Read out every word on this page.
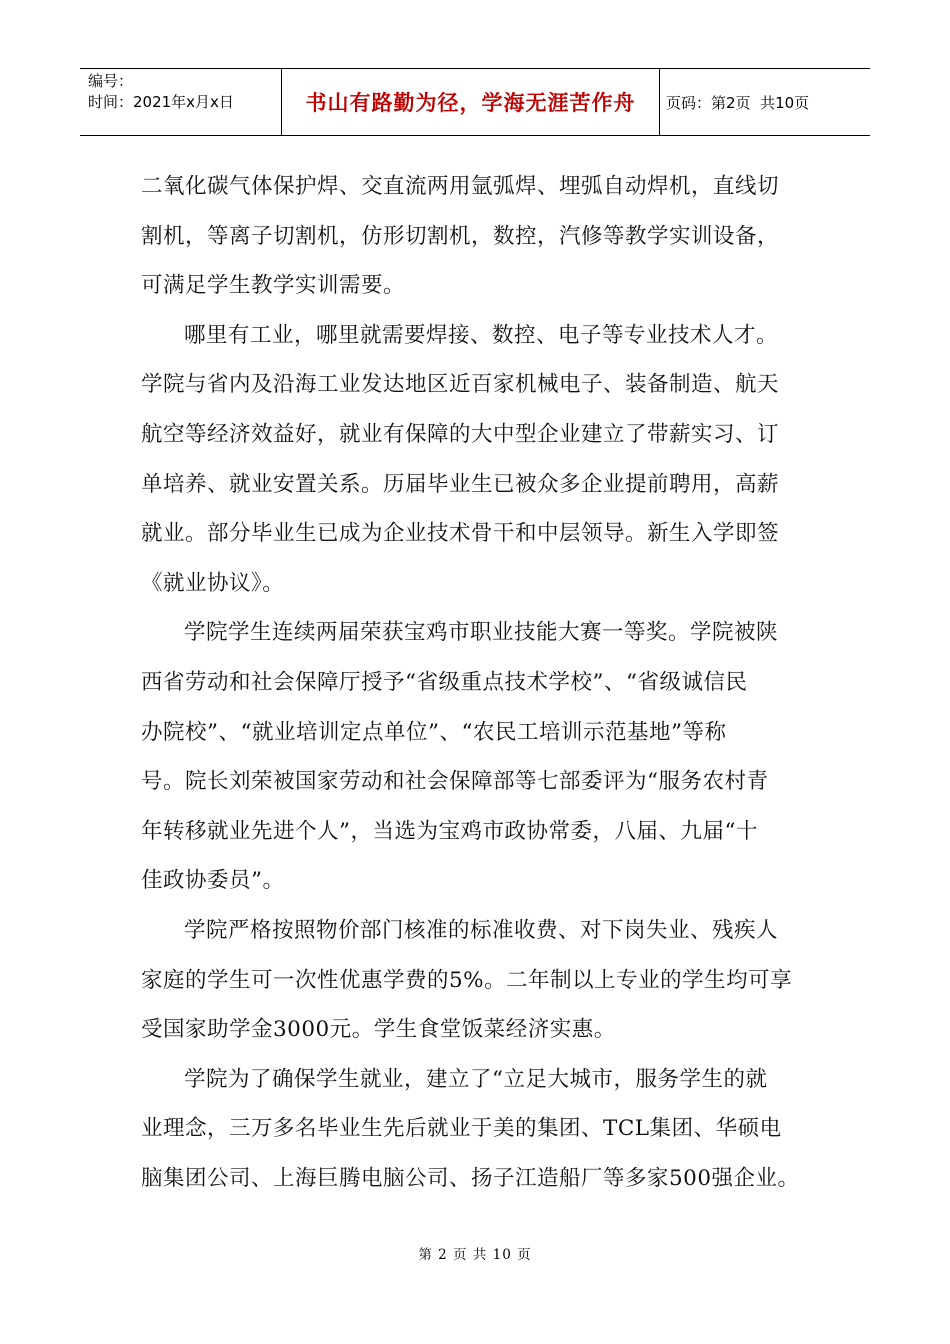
编号：
时间：2021年x月x日	书山有路勤为径，学海无涯苦作舟 页码：第2页  共10页
二氧化碳气体保护焊、交直流两用氩弧焊、埋弧自动焊机，直线切
割机，等离子切割机，仿形切割机，数控，汽修等教学实训设备，
可满足学生教学实训需要。
哪里有工业，哪里就需要焊接、数控、电子等专业技术人才。
学院与省内及沿海工业发达地区近百家机械电子、装备制造、航天
航空等经济效益好，就业有保障的大中型企业建立了带薪实习、订
单培养、就业安置关系。历届毕业生已被众多企业提前聘用，高薪
就业。部分毕业生已成为企业技术骨干和中层领导。新生入学即签
《就业协议》。
学院学生连续两届荣获宝鸡市职业技能大赛一等奖。学院被陕
西省劳动和社会保障厅授予“省级重点技术学校”、“省级诚信民
办院校”、“就业培训定点单位”、“农民工培训示范基地”等称
号。院长刘荣被国家劳动和社会保障部等七部委评为“服务农村青
年转移就业先进个人”，当选为宝鸡市政协常委，八届、九届“十
佳政协委员”。
学院严格按照物价部门核准的标准收费、对下岗失业、残疾人
家庭的学生可一次性优惠学费的5%。二年制以上专业的学生均可享
受国家助学金3000元。学生食堂饭菜经济实惠。
学院为了确保学生就业，建立了“立足大城市，服务学生的就
业理念，三万多名毕业生先后就业于美的集团、TCL集团、华硕电
脑集团公司、上海巨腾电脑公司、扬子江造船厂等多家500强企业。
第 2 页 共 10 页
